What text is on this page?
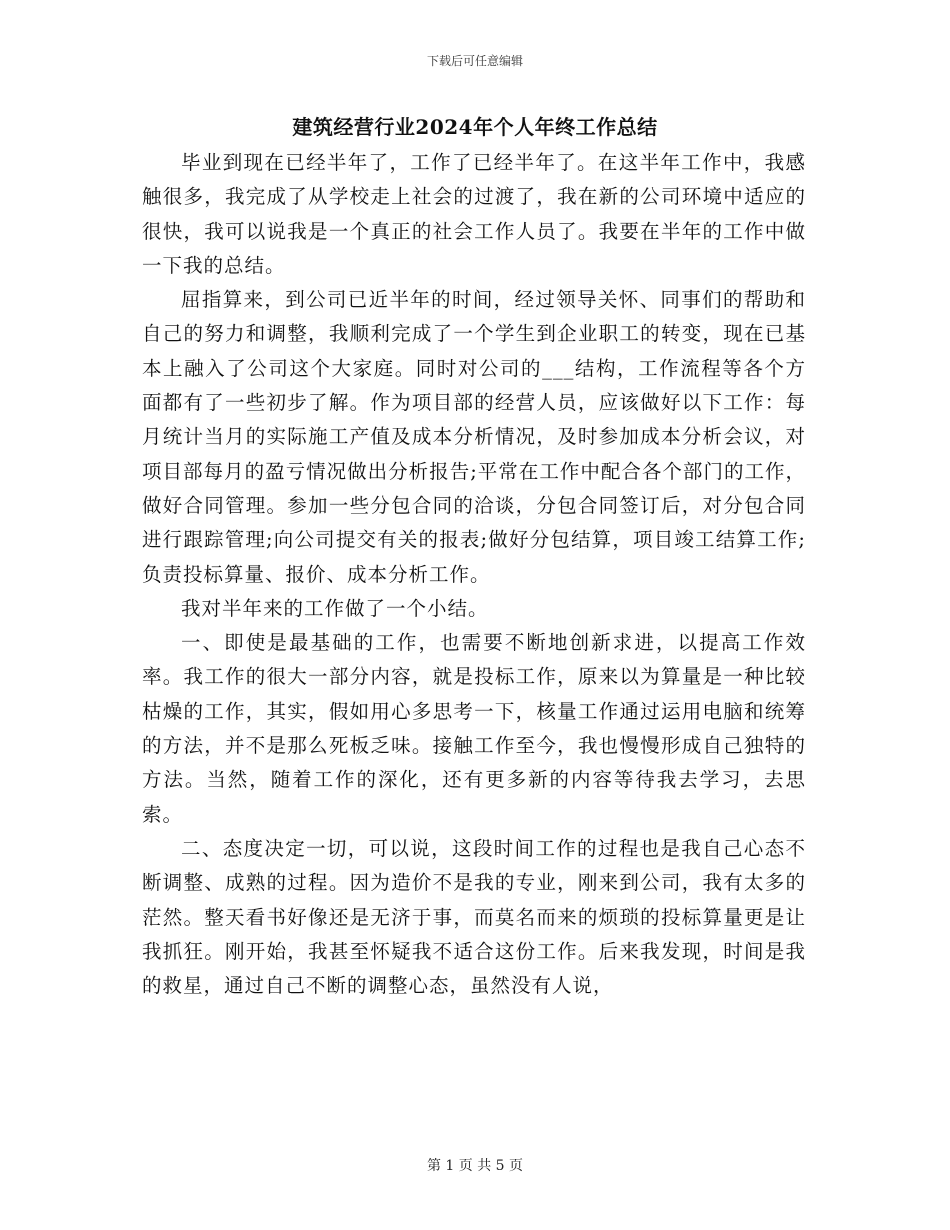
下载后可任意编辑
建筑经营行业2024年个人年终工作总结

毕业到现在已经半年了，工作了已经半年了。在这半年工作中，我感触很多，我完成了从学校走上社会的过渡了，我在新的公司环境中适应的很快，我可以说我是一个真正的社会工作人员了。我要在半年的工作中做一下我的总结。

屈指算来，到公司已近半年的时间，经过领导关怀、同事们的帮助和自己的努力和调整，我顺利完成了一个学生到企业职工的转变，现在已基本上融入了公司这个大家庭。同时对公司的___结构，工作流程等各个方面都有了一些初步了解。作为项目部的经营人员，应该做好以下工作：每月统计当月的实际施工产值及成本分析情况，及时参加成本分析会议，对项目部每月的盈亏情况做出分析报告;平常在工作中配合各个部门的工作，做好合同管理。参加一些分包合同的洽谈，分包合同签订后，对分包合同进行跟踪管理;向公司提交有关的报表;做好分包结算，项目竣工结算工作;负责投标算量、报价、成本分析工作。

我对半年来的工作做了一个小结。

一、即使是最基础的工作，也需要不断地创新求进，以提高工作效率。我工作的很大一部分内容，就是投标工作，原来以为算量是一种比较枯燥的工作，其实，假如用心多思考一下，核量工作通过运用电脑和统筹的方法，并不是那么死板乏味。接触工作至今，我也慢慢形成自己独特的方法。当然，随着工作的深化，还有更多新的内容等待我去学习，去思索。

二、态度决定一切，可以说，这段时间工作的过程也是我自己心态不断调整、成熟的过程。因为造价不是我的专业，刚来到公司，我有太多的茫然。整天看书好像还是无济于事，而莫名而来的烦琐的投标算量更是让我抓狂。刚开始，我甚至怀疑我不适合这份工作。后来我发现，时间是我的救星，通过自己不断的调整心态，虽然没有人说，

第 1 页 共 5 页
